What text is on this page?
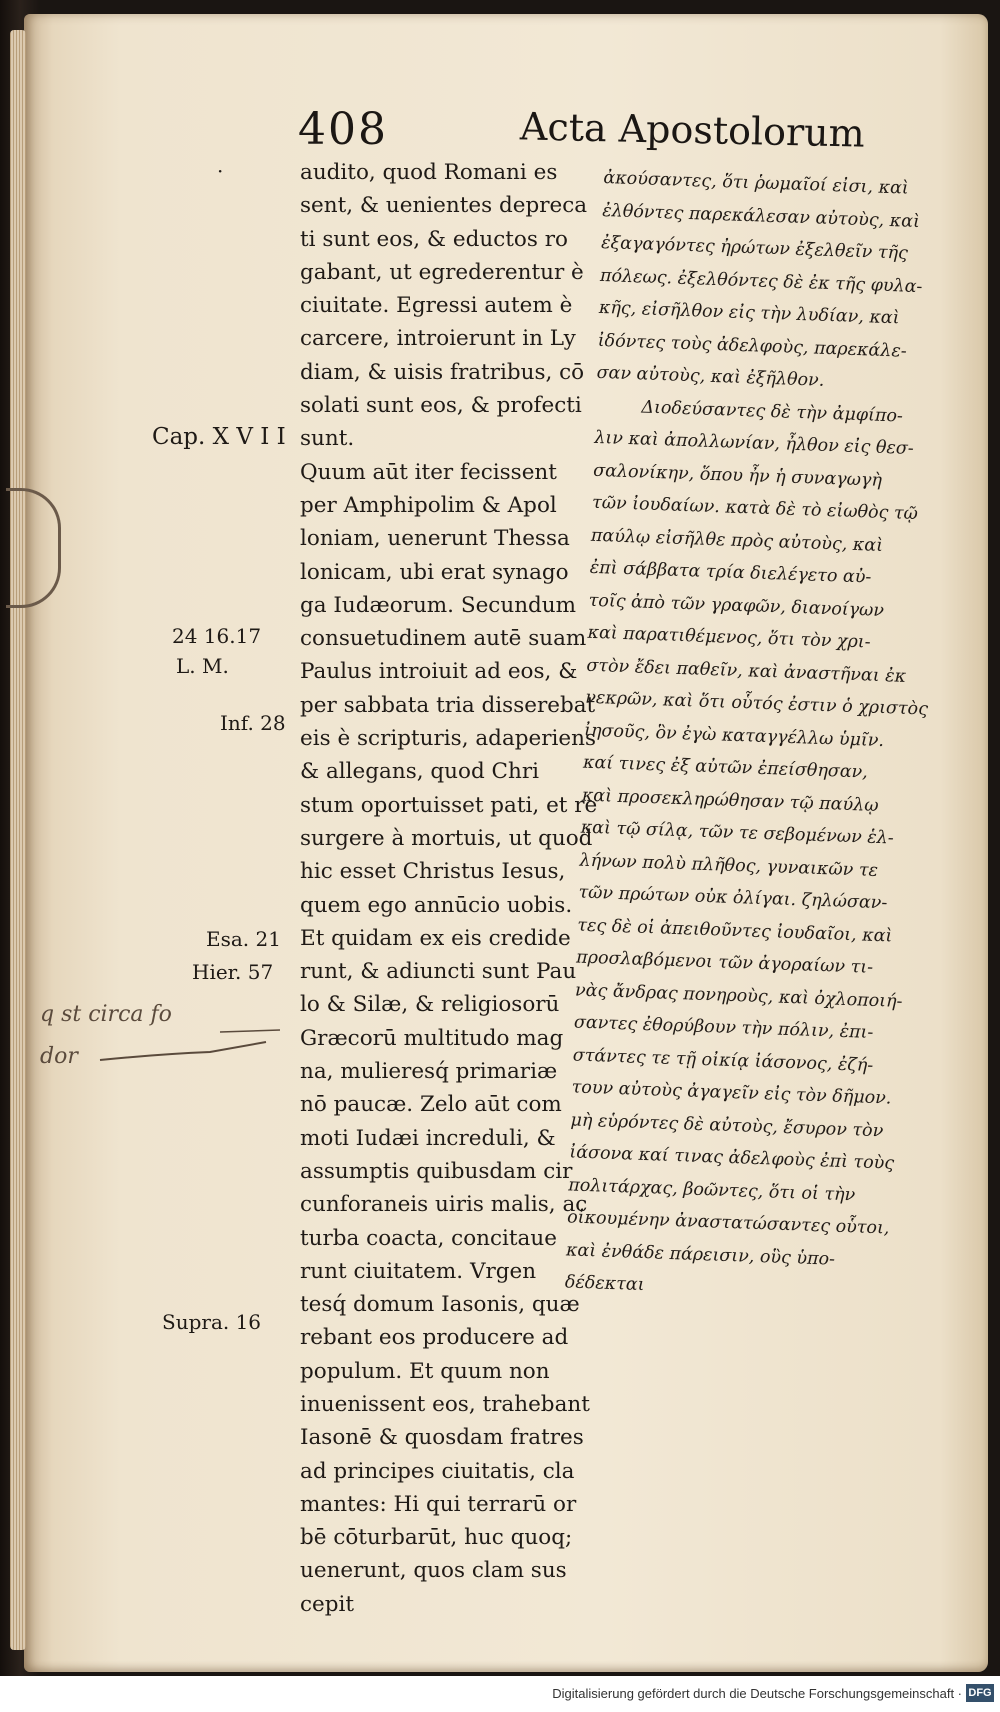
408	Acta Apostolorum
·	audito, quod Romani es
sent, & uenientes depreca
ti sunt eos, & eductos ro
gabant, ut egrederentur è
ciuitate. Egressi autem è
carcere, introierunt in Ly
diam, & uisis fratribus, cō
solati sunt eos, & profecti
sunt.
Quum aūt iter fecissent
per Amphipolim & Apol
loniam, uenerunt Thessa
lonicam, ubi erat synago
ga Iudæorum. Secundum
consuetudinem autē suam
Paulus introiuit ad eos, &
per sabbata tria disserebat
eis è scripturis, adaperiens
& allegans, quod Chri
stum oportuisset pati, et re
surgere à mortuis, ut quod
hic esset Christus Iesus,
quem ego annūcio uobis.
Et quidam ex eis credide
runt, & adiuncti sunt Pau
lo & Silæ, & religiosorū
Græcorū multitudo mag
na, mulieresq́ primariæ
nō paucæ. Zelo aūt com
moti Iudæi increduli, &
assumptis quibusdam cir
cunforaneis uiris malis, ac
turba coacta, concitaue
runt ciuitatem. Vrgen
tesq́ domum Iasonis, quæ
rebant eos producere ad
populum. Et quum non
inuenissent eos, trahebant
Iasonē & quosdam fratres
ad principes ciuitatis, cla
mantes: Hi qui terrarū or
bē cōturbarūt, huc quoq;
uenerunt, quos clam sus
cepit
ἀκούσαντες, ὅτι ῥωμαῖοί εἰσι, καὶ
ἐλθόντες παρεκάλεσαν αὐτοὺς, καὶ
ἐξαγαγόντες ἠρώτων ἐξελθεῖν τῆς
πόλεως. ἐξελθόντες δὲ ἐκ τῆς φυλα-
κῆς, εἰσῆλθον εἰς τὴν λυδίαν, καὶ
ἰδόντες τοὺς ἀδελφοὺς, παρεκάλε-
σαν αὐτοὺς, καὶ ἐξῆλθον.
Διοδεύσαντες δὲ τὴν ἀμφίπο-
λιν καὶ ἀπολλωνίαν, ἦλθον εἰς θεσ-
σαλονίκην, ὅπου ἦν ἡ συναγωγὴ
τῶν ἰουδαίων. κατὰ δὲ τὸ εἰωθὸς τῷ
παύλῳ εἰσῆλθε πρὸς αὐτοὺς, καὶ
ἐπὶ σάββατα τρία διελέγετο αὐ-
τοῖς ἀπὸ τῶν γραφῶν, διανοίγων
καὶ παρατιθέμενος, ὅτι τὸν χρι-
στὸν ἔδει παθεῖν, καὶ ἀναστῆναι ἐκ
νεκρῶν, καὶ ὅτι οὗτός ἐστιν ὁ χριστὸς
ἰησοῦς, ὃν ἐγὼ καταγγέλλω ὑμῖν.
καί τινες ἐξ αὐτῶν ἐπείσθησαν,
καὶ προσεκληρώθησαν τῷ παύλῳ
καὶ τῷ σίλᾳ, τῶν τε σεβομένων ἑλ-
λήνων πολὺ πλῆθος, γυναικῶν τε
τῶν πρώτων οὐκ ὀλίγαι. ζηλώσαν-
τες δὲ οἱ ἀπειθοῦντες ἰουδαῖοι, καὶ
προσλαβόμενοι τῶν ἀγοραίων τι-
νὰς ἄνδρας πονηροὺς, καὶ ὀχλοποιή-
σαντες ἐθορύβουν τὴν πόλιν, ἐπι-
στάντες τε τῇ οἰκίᾳ ἰάσονος, ἐζή-
τουν αὐτοὺς ἀγαγεῖν εἰς τὸν δῆμον.
μὴ εὑρόντες δὲ αὐτοὺς, ἔσυρον τὸν
ἰάσονα καί τινας ἀδελφοὺς ἐπὶ τοὺς
πολιτάρχας, βοῶντες, ὅτι οἱ τὴν
οἰκουμένην ἀναστατώσαντες οὗτοι,
καὶ ἐνθάδε πάρεισιν, οὓς ὑπο-
δέδεκται
Cap. X V I I
24 16.17
L. M.
Inf. 28
Esa. 21
Hier. 57
Supra. 16
q st circa fo
dor
Digitalisierung gefördert durch die Deutsche Forschungsgemeinschaft · DFG
